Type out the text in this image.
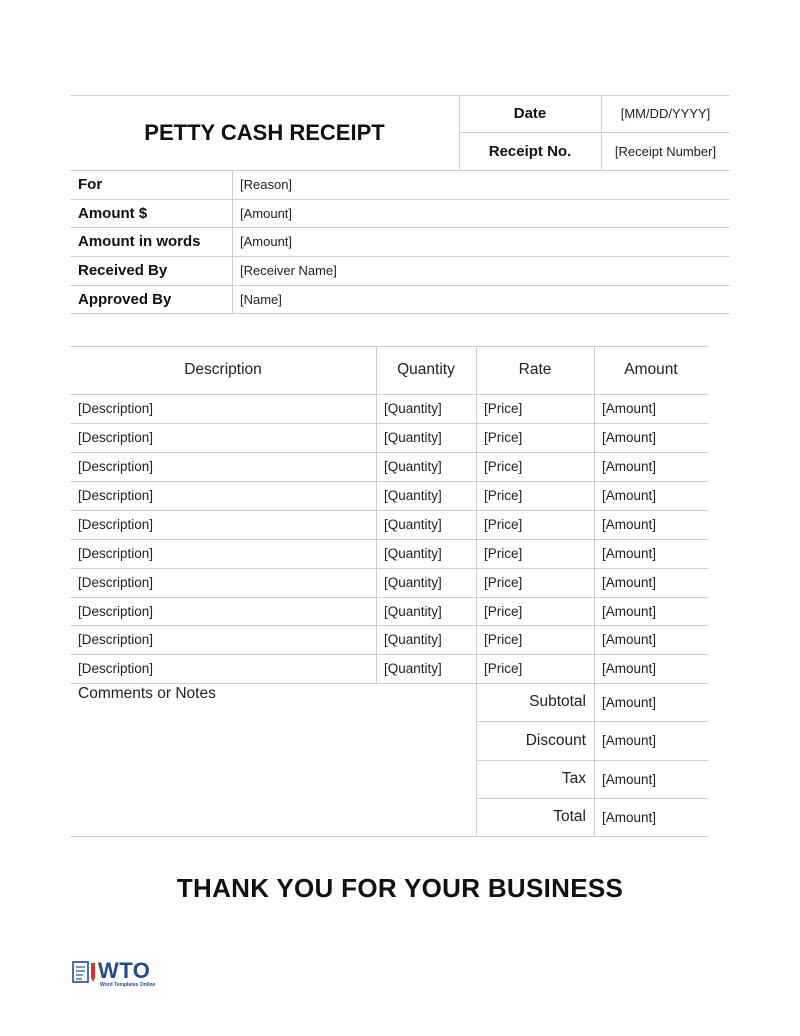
PETTY CASH RECEIPT
Date	[MM/DD/YYYY]
Receipt No.	[Receipt Number]
For	[Reason]
Amount $	[Amount]
Amount in words	[Amount]
Received By	[Receiver Name]
Approved By	[Name]
Description	Quantity	Rate	Amount
[Description]	[Quantity]	[Price]	[Amount]
[Description]	[Quantity]	[Price]	[Amount]
[Description]	[Quantity]	[Price]	[Amount]
[Description]	[Quantity]	[Price]	[Amount]
[Description]	[Quantity]	[Price]	[Amount]
[Description]	[Quantity]	[Price]	[Amount]
[Description]	[Quantity]	[Price]	[Amount]
[Description]	[Quantity]	[Price]	[Amount]
[Description]	[Quantity]	[Price]	[Amount]
[Description]	[Quantity]	[Price]	[Amount]
Comments or Notes	Subtotal	[Amount]
Discount	[Amount]
Tax	[Amount]
Total	[Amount]
THANK YOU FOR YOUR BUSINESS
WTO
Word Templates Online
